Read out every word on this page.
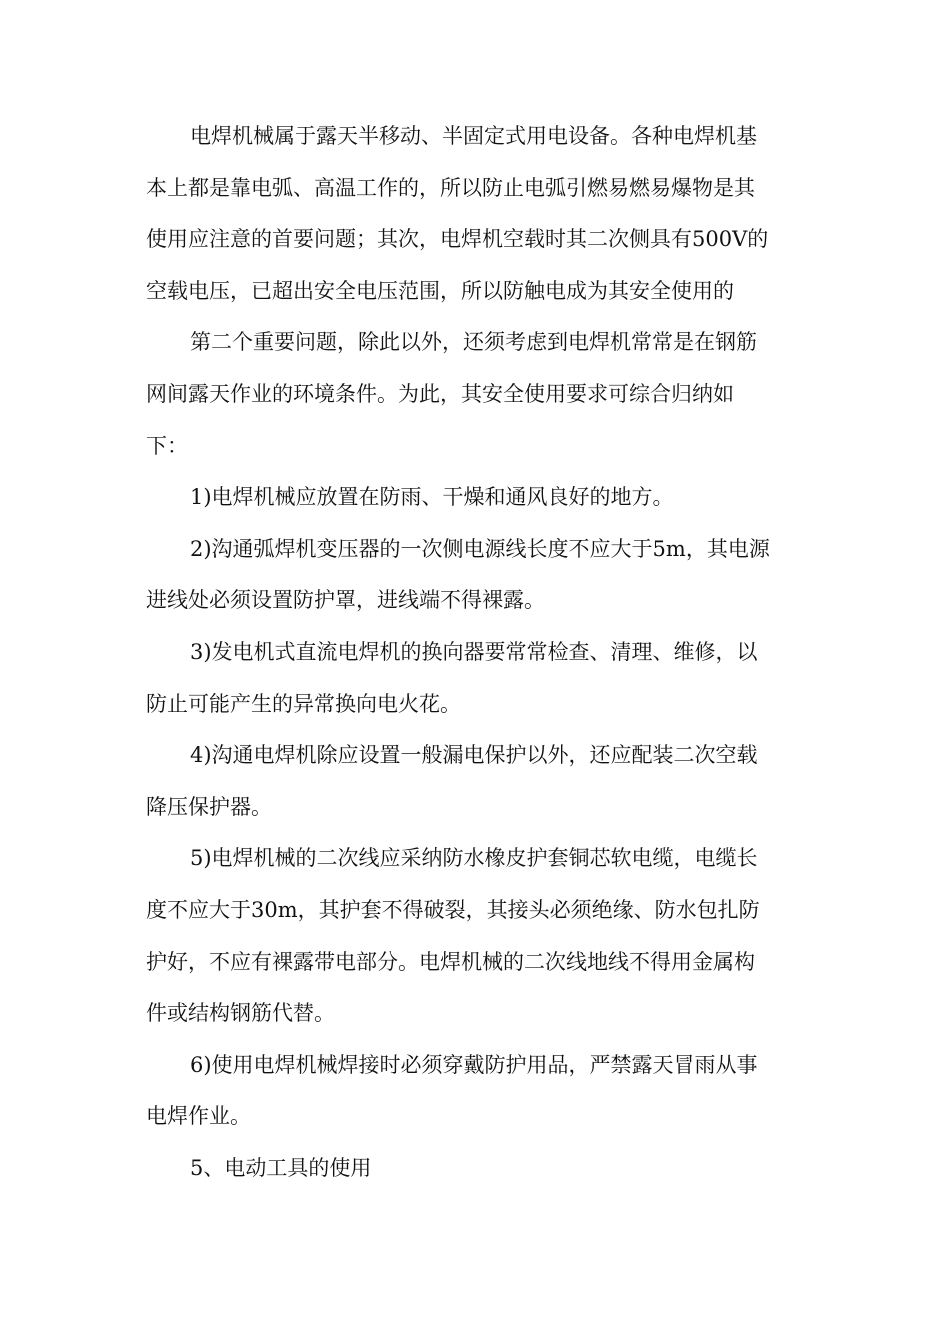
电焊机械属于露天半移动、半固定式用电设备。各种电焊机基
本上都是靠电弧、高温工作的，所以防止电弧引燃易燃易爆物是其
使用应注意的首要问题；其次，电焊机空载时其二次侧具有500V的
空载电压，已超出安全电压范围，所以防触电成为其安全使用的
第二个重要问题，除此以外，还须考虑到电焊机常常是在钢筋
网间露天作业的环境条件。为此，其安全使用要求可综合归纳如
下：
1)电焊机械应放置在防雨、干燥和通风良好的地方。
2)沟通弧焊机变压器的一次侧电源线长度不应大于5m，其电源
进线处必须设置防护罩，进线端不得裸露。
3)发电机式直流电焊机的换向器要常常检查、清理、维修，以
防止可能产生的异常换向电火花。
4)沟通电焊机除应设置一般漏电保护以外，还应配装二次空载
降压保护器。
5)电焊机械的二次线应采纳防水橡皮护套铜芯软电缆，电缆长
度不应大于30m，其护套不得破裂，其接头必须绝缘、防水包扎防
护好，不应有裸露带电部分。电焊机械的二次线地线不得用金属构
件或结构钢筋代替。
6)使用电焊机械焊接时必须穿戴防护用品，严禁露天冒雨从事
电焊作业。
5、电动工具的使用
